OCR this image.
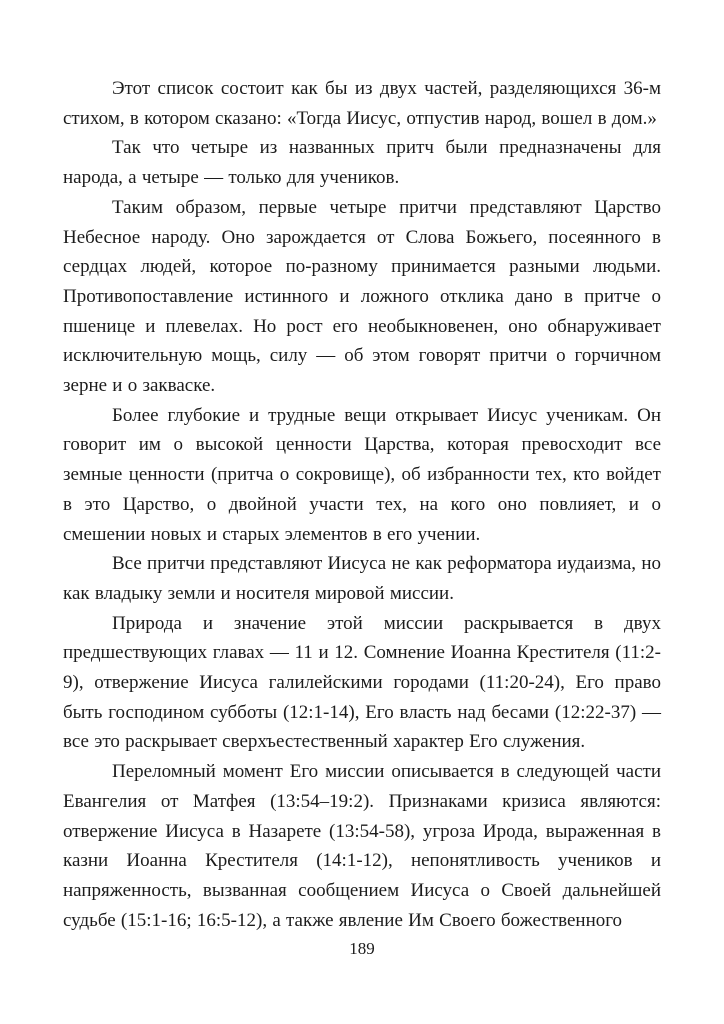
Этот список состоит как бы из двух частей, разделяющихся 36-м стихом, в котором сказано: «Тогда Иисус, отпустив народ, вошел в дом.»

Так что четыре из названных притч были предназначены для народа, а четыре — только для учеников.

Таким образом, первые четыре притчи представляют Царство Небесное народу. Оно зарождается от Слова Божьего, посеянного в сердцах людей, которое по-разному принимается разными людьми. Противопоставление истинного и ложного отклика дано в притче о пшенице и плевелах. Но рост его необыкновенен, оно обнаруживает исключительную мощь, силу — об этом говорят притчи о горчичном зерне и о закваске.

Более глубокие и трудные вещи открывает Иисус ученикам. Он говорит им о высокой ценности Царства, которая превосходит все земные ценности (притча о сокровище), об избранности тех, кто войдет в это Царство, о двойной участи тех, на кого оно повлияет, и о смешении новых и старых элементов в его учении.

Все притчи представляют Иисуса не как реформатора иудаизма, но как владыку земли и носителя мировой миссии.

Природа и значение этой миссии раскрывается в двух предшествующих главах — 11 и 12. Сомнение Иоанна Крестителя (11:2-9), отвержение Иисуса галилейскими городами (11:20-24), Его право быть господином субботы (12:1-14), Его власть над бесами (12:22-37) — все это раскрывает сверхъестественный характер Его служения.

Переломный момент Его миссии описывается в следующей части Евангелия от Матфея (13:54–19:2). Признаками кризиса являются: отвержение Иисуса в Назарете (13:54-58), угроза Ирода, выраженная в казни Иоанна Крестителя (14:1-12), непонятливость учеников и напряженность, вызванная сообщением Иисуса о Своей дальнейшей судьбе (15:1-16; 16:5-12), а также явление Им Своего божественного

189
